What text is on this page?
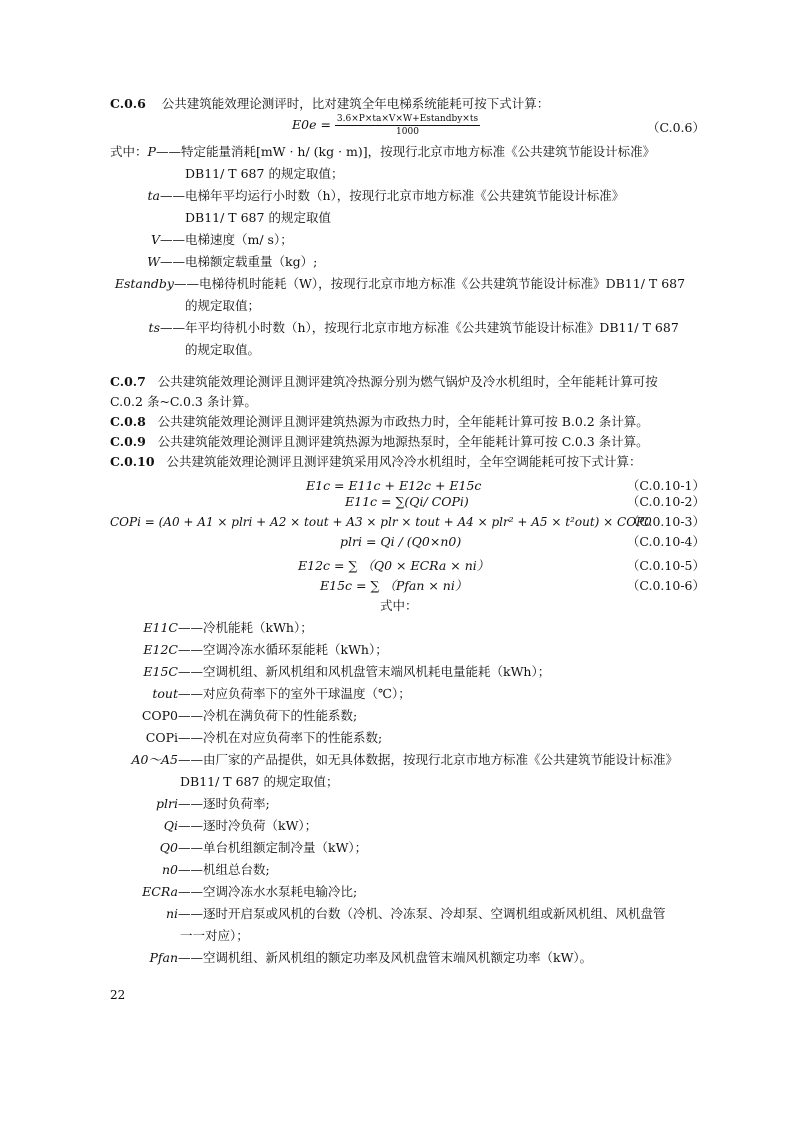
C.0.6 公共建筑能效理论测评时，比对建筑全年电梯系统能耗可按下式计算：
$E0e = \frac{\text{3.6×P×ta×V×W+Estandby×ts}}{1000}$	（C.0.6）
式中：P——特定能量消耗[mW · h/ (kg · m)]，按现行北京市地方标准《公共建筑节能设计标准》
DB11/ T 687 的规定取值；
ta——电梯年平均运行小时数（h），按现行北京市地方标准《公共建筑节能设计标准》
DB11/ T 687 的规定取值
V——电梯速度（m/ s）；
W——电梯额定载重量（kg）;
Estandby——电梯待机时能耗（W），按现行北京市地方标准《公共建筑节能设计标准》DB11/ T 687
的规定取值；
ts——年平均待机小时数（h），按现行北京市地方标准《公共建筑节能设计标准》DB11/ T 687
的规定取值。
C.0.7 公共建筑能效理论测评且测评建筑冷热源分别为燃气锅炉及冷水机组时，全年能耗计算可按
C.0.2 条~C.0.3 条计算。
C.0.8 公共建筑能效理论测评且测评建筑热源为市政热力时，全年能耗计算可按 B.0.2 条计算。
C.0.9 公共建筑能效理论测评且测评建筑热源为地源热泵时，全年能耗计算可按 C.0.3 条计算。
C.0.10 公共建筑能效理论测评且测评建筑采用风冷冷水机组时，全年空调能耗可按下式计算：
E1c = E11c + E12c + E15c	（C.0.10-1）
E11c = ∑(Qi/ COPi)	（C.0.10-2）
COPi = (A0 + A1 × plri + A2 × tout + A3 × plr × tout + A4 × plr² + A5 × t²out) × COP0
（C.0.10-3）
plri = Qi / (Q0×n0)	（C.0.10-4）
E12c = ∑ （Q0 × ECRa × ni）	（C.0.10-5）
E15c = ∑ （Pfan × ni）	（C.0.10-6）
式中：
E11C——冷机能耗（kWh）；
E12C——空调冷冻水循环泵能耗（kWh）；
E15C——空调机组、新风机组和风机盘管末端风机耗电量能耗（kWh）；
tout——对应负荷率下的室外干球温度（℃）；
COP0——冷机在满负荷下的性能系数;
COPi——冷机在对应负荷率下的性能系数;
A0～A5——由厂家的产品提供，如无具体数据，按现行北京市地方标准《公共建筑节能设计标准》
DB11/ T 687 的规定取值；
plri——逐时负荷率;
Qi——逐时冷负荷（kW）；
Q0——单台机组额定制冷量（kW）；
n0——机组总台数;
ECRa——空调冷冻水水泵耗电输冷比;
ni——逐时开启泵或风机的台数（冷机、冷冻泵、冷却泵、空调机组或新风机组、风机盘管
一一对应）；
Pfan——空调机组、新风机组的额定功率及风机盘管末端风机额定功率（kW）。
22
